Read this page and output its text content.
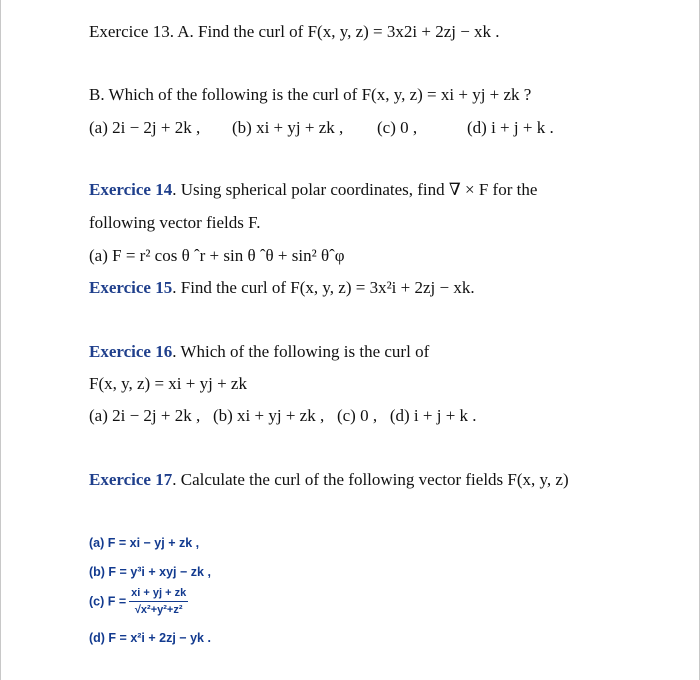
Exercice 13. A. Find the curl of F(x, y, z) = 3x2i + 2zj − xk .
B. Which of the following is the curl of F(x, y, z) = xi + yj + zk ?
(a) 2i − 2j + 2k , (b) xi + yj + zk , (c) 0 ,	(d) i + j + k .
Exercice 14. Using spherical polar coordinates, find ∇ × F for the
following vector fields F.
(a) F = r² cos θ ˆr + sin θ ˆθ + sin² θˆφ
Exercice 15. Find the curl of F(x, y, z) = 3x²i + 2zj − xk.
Exercice 16. Which of the following is the curl of
F(x, y, z) = xi + yj + zk
(a) 2i − 2j + 2k ,   (b) xi + yj + zk ,   (c) 0 ,   (d) i + j + k .
Exercice 17. Calculate the curl of the following vector fields F(x, y, z)
(a) F = xi − yj + zk ,
(b) F = y³i + xyj − zk ,
(c) $F = \frac{xi + yj + zk}{\text{√x²+y²+z²}}$
(d) F = x²i + 2zj − yk .
